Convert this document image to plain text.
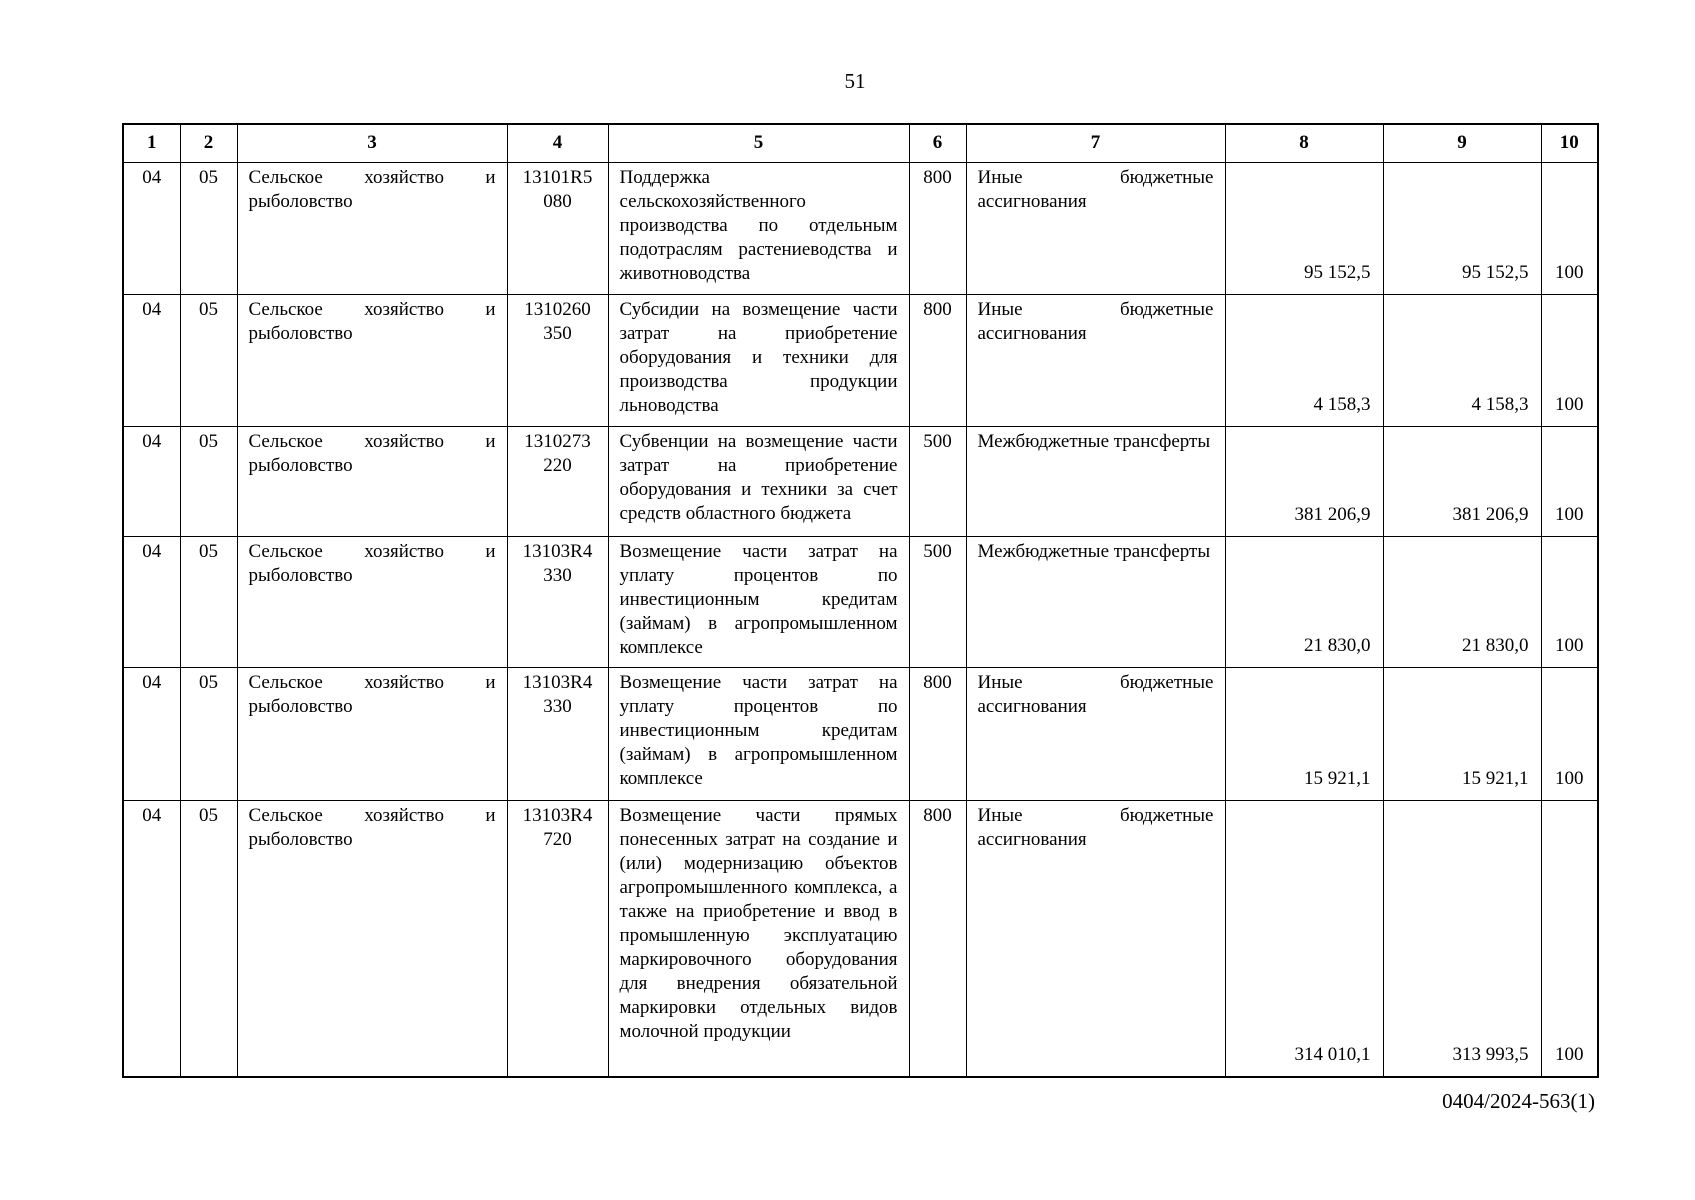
51
1	2	3	4	5	6	7	8	9	10
04	05	Сельское хозяйство и рыболовство	13101R5 080	Поддержка сельскохозяйственного производства по отдельным подотраслям растениеводства и животноводства	800	Иные бюджетные ассигнования	95 152,5	95 152,5	100
04	05	Сельское хозяйство и рыболовство	1310260 350	Субсидии на возмещение части затрат на приобретение оборудования и техники для производства продукции льноводства	800	Иные бюджетные ассигнования	4 158,3	4 158,3	100
04	05	Сельское хозяйство и рыболовство	1310273 220	Субвенции на возмещение части затрат на приобретение оборудования и техники за счет средств областного бюджета	500	Межбюджетные трансферты	381 206,9	381 206,9	100
04	05	Сельское хозяйство и рыболовство	13103R4 330	Возмещение части затрат на уплату процентов по инвестиционным кредитам (займам) в агропромышленном комплексе	500	Межбюджетные трансферты	21 830,0	21 830,0	100
04	05	Сельское хозяйство и рыболовство	13103R4 330	Возмещение части затрат на уплату процентов по инвестиционным кредитам (займам) в агропромышленном комплексе	800	Иные бюджетные ассигнования	15 921,1	15 921,1	100
04	05	Сельское хозяйство и рыболовство	13103R4 720	Возмещение части прямых понесенных затрат на создание и (или) модернизацию объектов агропромышленного комплекса, а также на приобретение и ввод в промышленную эксплуатацию маркировочного оборудования для внедрения обязательной маркировки отдельных видов молочной продукции	800	Иные бюджетные ассигнования	314 010,1	313 993,5	100
0404/2024-563(1)
